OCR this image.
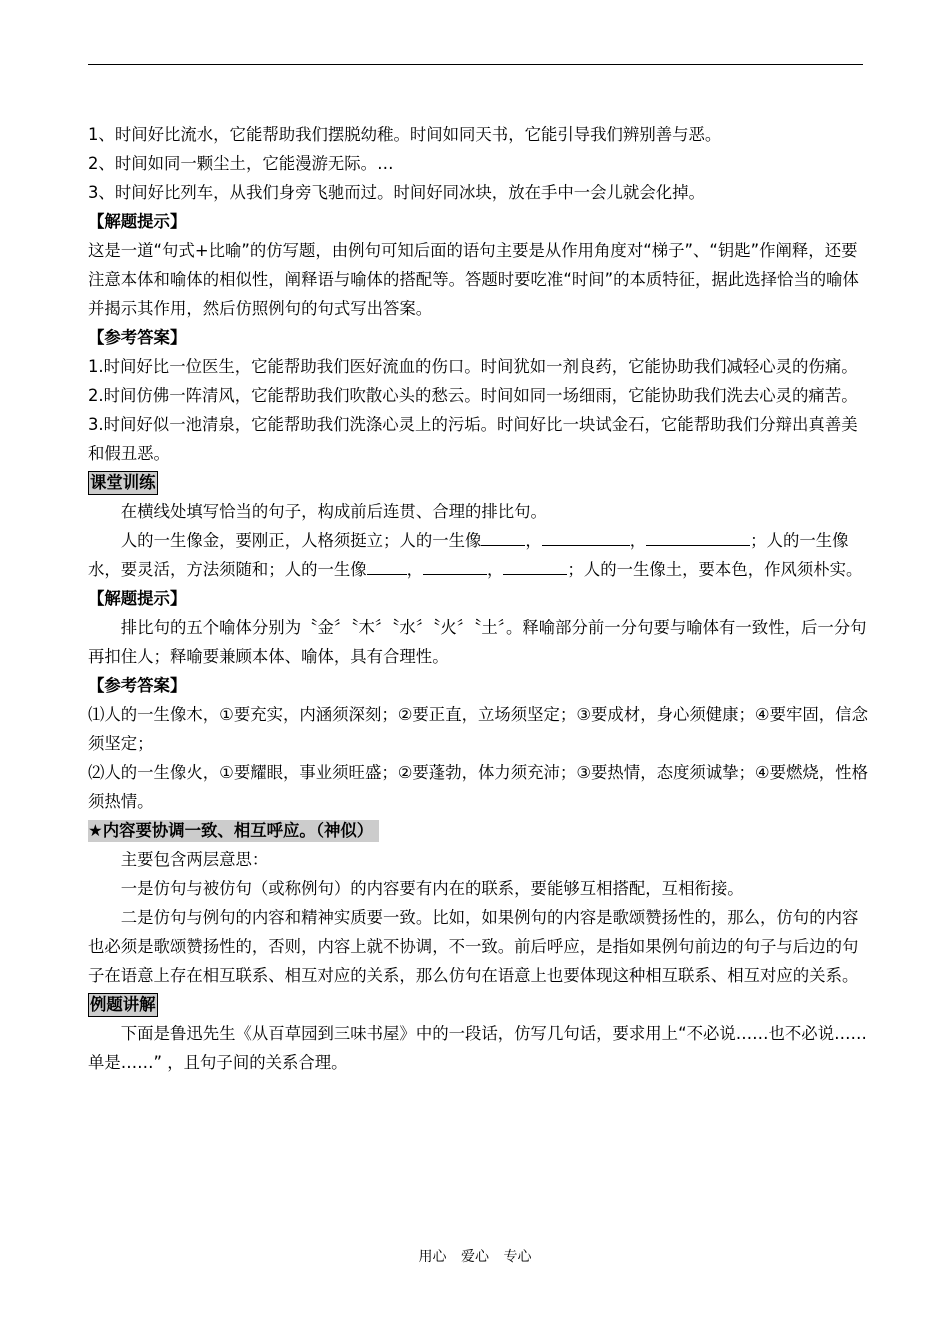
1、时间好比流水，它能帮助我们摆脱幼稚。时间如同天书，它能引导我们辨别善与恶。

2、时间如同一颗尘土，它能漫游无际。…

3、时间好比列车，从我们身旁飞驰而过。时间好同冰块，放在手中一会儿就会化掉。

【解题提示】

这是一道“句式+比喻”的仿写题，由例句可知后面的语句主要是从作用角度对“梯子”、“钥匙”作阐释，还要注意本体和喻体的相似性，阐释语与喻体的搭配等。答题时要吃准“时间”的本质特征，据此选择恰当的喻体并揭示其作用，然后仿照例句的句式写出答案。

【参考答案】

1.时间好比一位医生，它能帮助我们医好流血的伤口。时间犹如一剂良药，它能协助我们减轻心灵的伤痛。

2.时间仿佛一阵清风，它能帮助我们吹散心头的愁云。时间如同一场细雨，它能协助我们洗去心灵的痛苦。

3.时间好似一池清泉，它能帮助我们洗涤心灵上的污垢。时间好比一块试金石，它能帮助我们分辩出真善美和假丑恶。

课堂训练

在横线处填写恰当的句子，构成前后连贯、合理的排比句。

人的一生像金，要刚正，人格须挺立；人的一生像	，	，	；人的一生像水，要灵活，方法须随和；人的一生像 ，	，	；人的一生像土，要本色，作风须朴实。

【解题提示】

排比句的五个喻体分别为〝金〞〝木〞〝水〞〝火〞〝土〞。释喻部分前一分句要与喻体有一致性，后一分句再扣住人；释喻要兼顾本体、喻体，具有合理性。

【参考答案】

⑴人的一生像木，①要充实，内涵须深刻；②要正直，立场须坚定；③要成材，身心须健康；④要牢固，信念须坚定；

⑵人的一生像火，①要耀眼，事业须旺盛；②要蓬勃，体力须充沛；③要热情，态度须诚挚；④要燃烧，性格须热情。

★内容要协调一致、相互呼应。（神似）

主要包含两层意思：

一是仿句与被仿句（或称例句）的内容要有内在的联系，要能够互相搭配，互相衔接。

二是仿句与例句的内容和精神实质要一致。比如，如果例句的内容是歌颂赞扬性的，那么，仿句的内容也必须是歌颂赞扬性的，否则，内容上就不协调，不一致。前后呼应，是指如果例句前边的句子与后边的句子在语意上存在相互联系、相互对应的关系，那么仿句在语意上也要体现这种相互联系、相互对应的关系。

例题讲解

下面是鲁迅先生《从百草园到三味书屋》中的一段话，仿写几句话，要求用上“不必说……也不必说……单是……” ，且句子间的关系合理。

用心 爱心 专心
